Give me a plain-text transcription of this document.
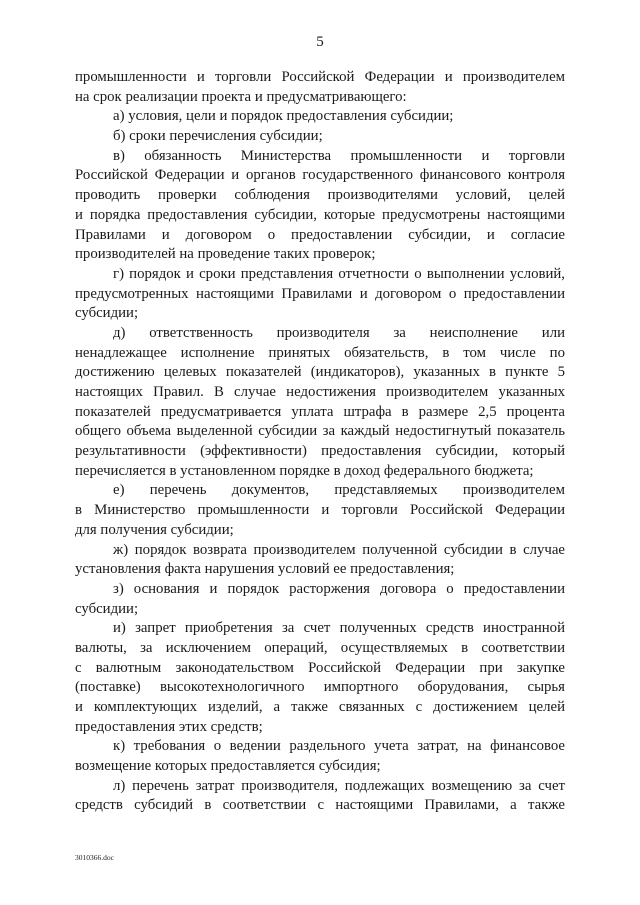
5
промышленности и торговли Российской Федерации и производителем
на срок реализации проекта и предусматривающего:
а) условия, цели и порядок предоставления субсидии;
б) сроки перечисления субсидии;
в) обязанность Министерства промышленности и торговли
Российской Федерации и органов государственного финансового контроля
проводить проверки соблюдения производителями условий, целей
и порядка предоставления субсидии, которые предусмотрены настоящими
Правилами и договором о предоставлении субсидии, и согласие
производителей на проведение таких проверок;
г) порядок и сроки представления отчетности о выполнении условий,
предусмотренных настоящими Правилами и договором о предоставлении
субсидии;
д) ответственность производителя за неисполнение или
ненадлежащее исполнение принятых обязательств, в том числе по
достижению целевых показателей (индикаторов), указанных в пункте 5
настоящих Правил. В случае недостижения производителем указанных
показателей предусматривается уплата штрафа в размере 2,5 процента
общего объема выделенной субсидии за каждый недостигнутый показатель
результативности (эффективности) предоставления субсидии, который
перечисляется в установленном порядке в доход федерального бюджета;
е) перечень документов, представляемых производителем
в Министерство промышленности и торговли Российской Федерации
для получения субсидии;
ж) порядок возврата производителем полученной субсидии в случае
установления факта нарушения условий ее предоставления;
з) основания и порядок расторжения договора о предоставлении
субсидии;
и) запрет приобретения за счет полученных средств иностранной
валюты, за исключением операций, осуществляемых в соответствии
с валютным законодательством Российской Федерации при закупке
(поставке) высокотехнологичного импортного оборудования, сырья
и комплектующих изделий, а также связанных с достижением целей
предоставления этих средств;
к) требования о ведении раздельного учета затрат, на финансовое
возмещение которых предоставляется субсидия;
л) перечень затрат производителя, подлежащих возмещению за счет
средств субсидий в соответствии с настоящими Правилами, а также
3010366.doc
